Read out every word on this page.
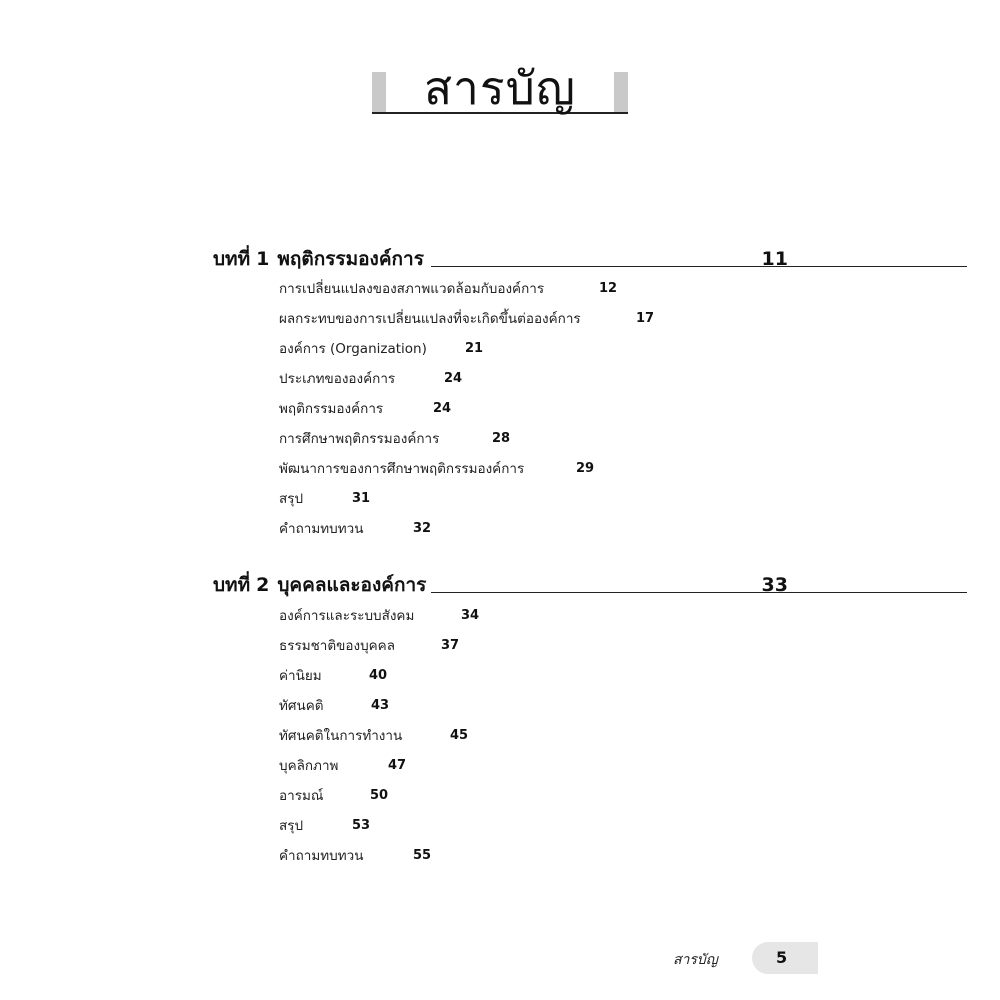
สารบัญ
บทที่ 1 พฤติกรรมองค์การ	11
การเปลี่ยนแปลงของสภาพแวดล้อมกับองค์การ	12
ผลกระทบของการเปลี่ยนแปลงที่จะเกิดขึ้นต่อองค์การ	17
องค์การ (Organization)	21
ประเภทขององค์การ	24
พฤติกรรมองค์การ	24
การศึกษาพฤติกรรมองค์การ	28
พัฒนาการของการศึกษาพฤติกรรมองค์การ	29
สรุป	31
คำถามทบทวน	32
บทที่ 2 บุคคลและองค์การ	33
องค์การและระบบสังคม	34
ธรรมชาติของบุคคล	37
ค่านิยม	40
ทัศนคติ	43
ทัศนคติในการทำงาน	45
บุคลิกภาพ	47
อารมณ์	50
สรุป	53
คำถามทบทวน	55
สารบัญ	5
